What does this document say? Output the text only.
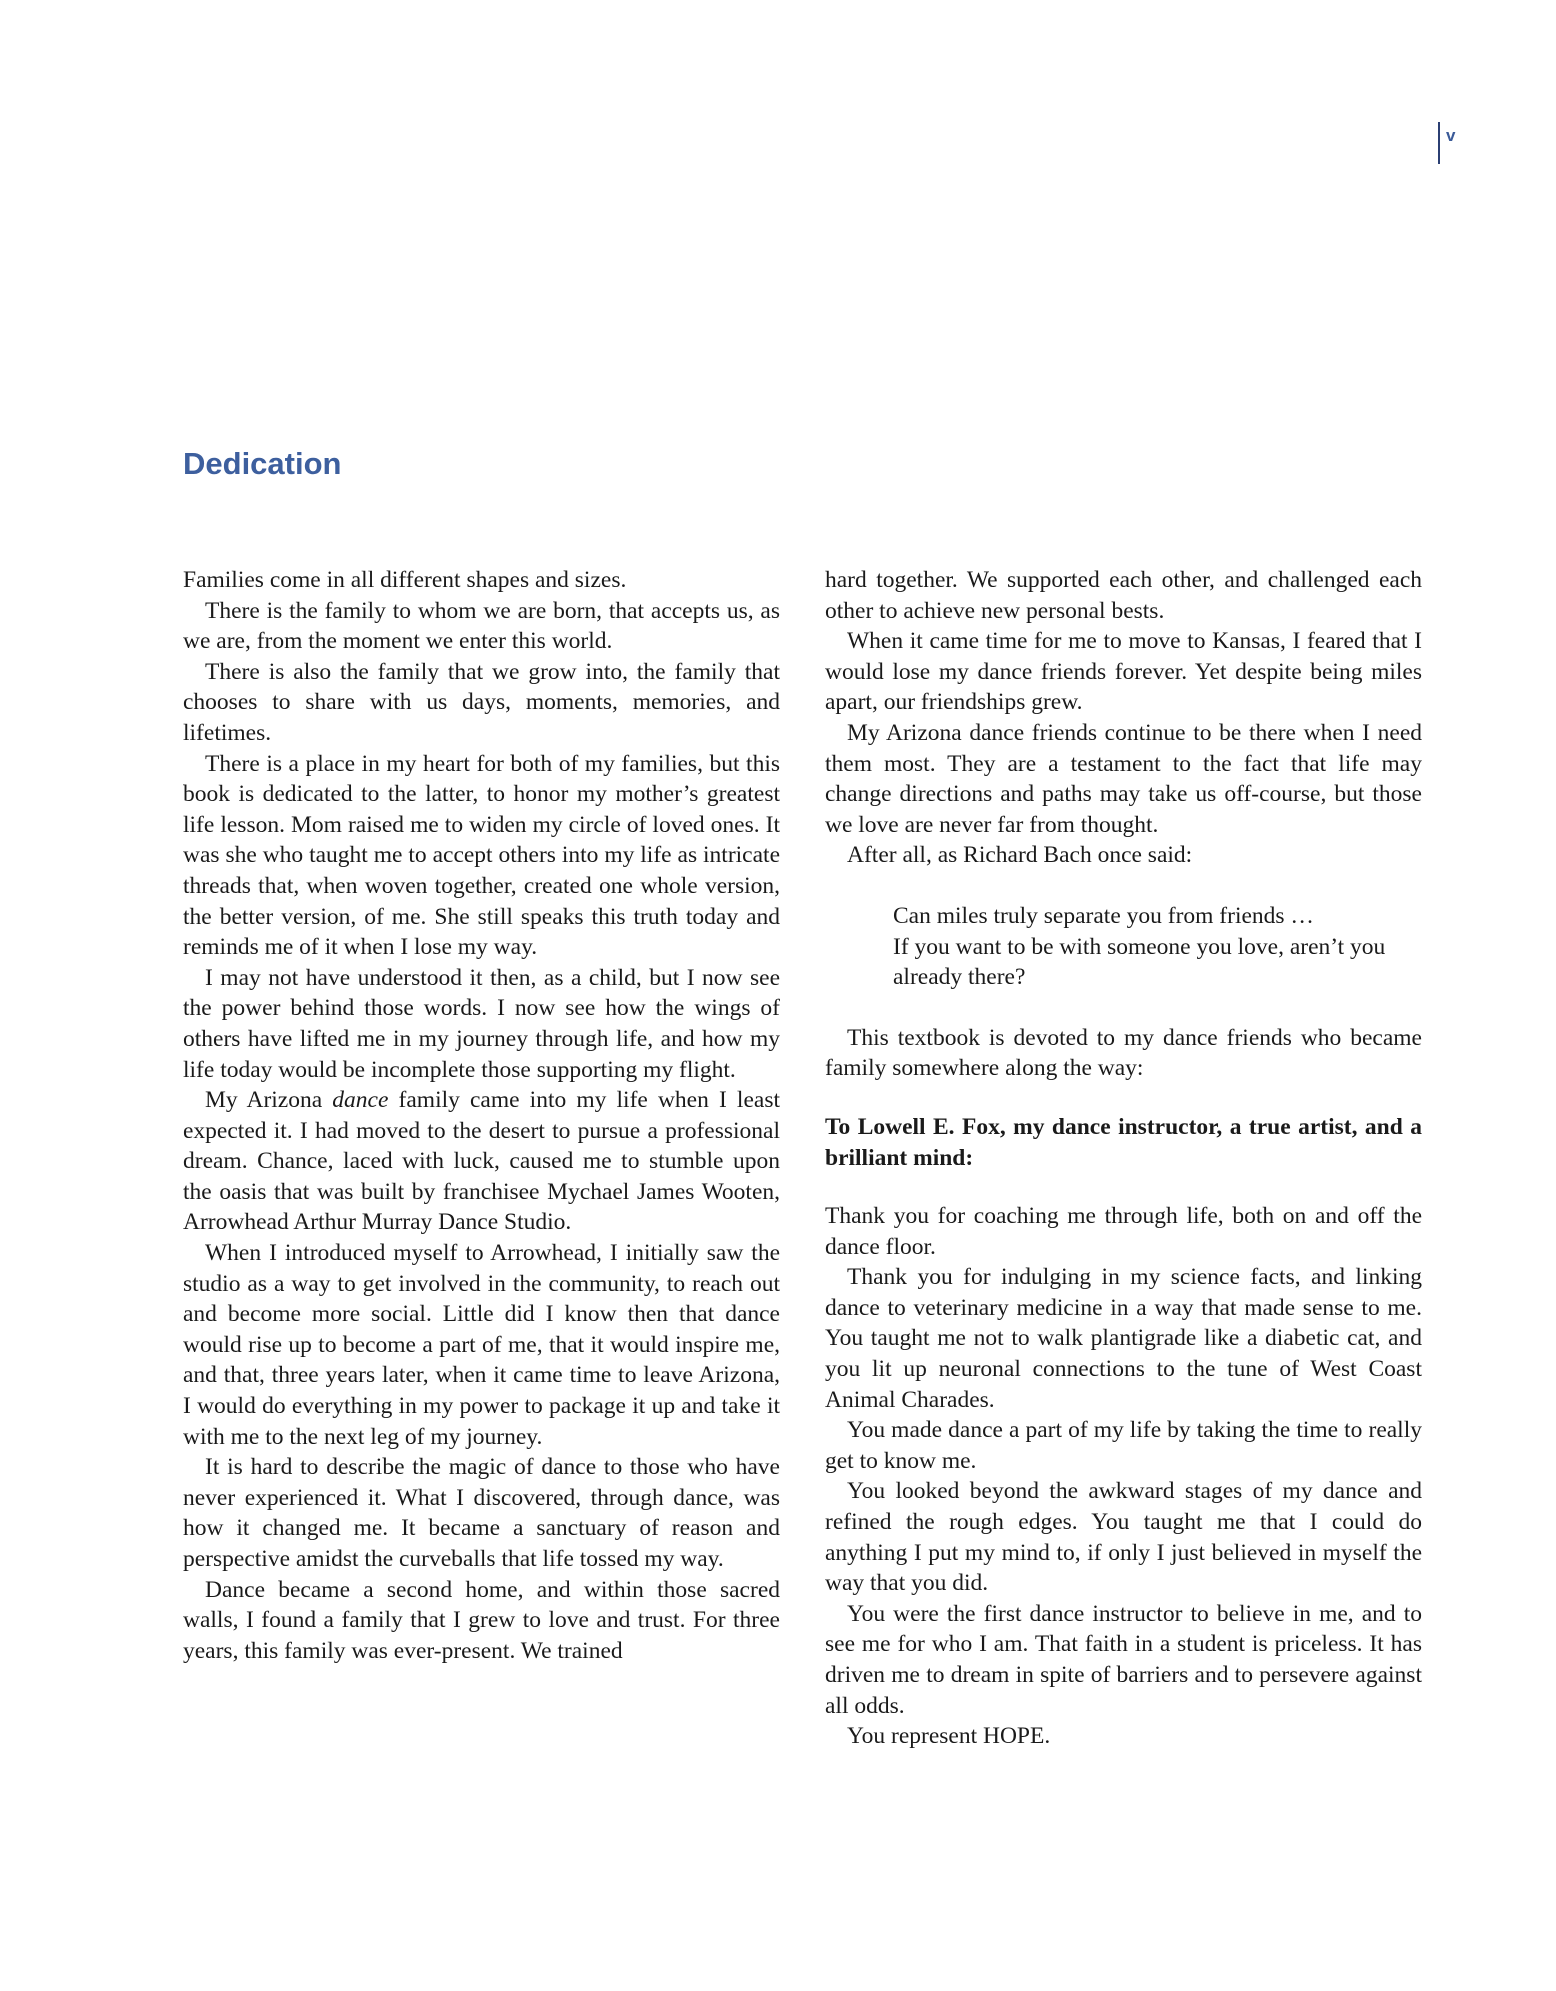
v
Dedication

Families come in all different shapes and sizes.

There is the family to whom we are born, that accepts us, as we are, from the moment we enter this world.

There is also the family that we grow into, the family that chooses to share with us days, moments, memories, and lifetimes.

There is a place in my heart for both of my families, but this book is dedicated to the latter, to honor my mother’s greatest life lesson. Mom raised me to widen my circle of loved ones. It was she who taught me to accept others into my life as intricate threads that, when woven together, created one whole version, the better version, of me. She still speaks this truth today and reminds me of it when I lose my way.

I may not have understood it then, as a child, but I now see the power behind those words. I now see how the wings of others have lifted me in my journey through life, and how my life today would be incomplete those supporting my flight.

My Arizona dance family came into my life when I least expected it. I had moved to the desert to pursue a professional dream. Chance, laced with luck, caused me to stumble upon the oasis that was built by franchisee Mychael James Wooten, Arrowhead Arthur Murray Dance Studio.

When I introduced myself to Arrowhead, I initially saw the studio as a way to get involved in the community, to reach out and become more social. Little did I know then that dance would rise up to become a part of me, that it would inspire me, and that, three years later, when it came time to leave Arizona, I would do everything in my power to package it up and take it with me to the next leg of my journey.

It is hard to describe the magic of dance to those who have never experienced it. What I discovered, through dance, was how it changed me. It became a sanctuary of reason and perspective amidst the curveballs that life tossed my way.

Dance became a second home, and within those sacred walls, I found a family that I grew to love and trust. For three years, this family was ever-present. We trained

hard together. We supported each other, and challenged each other to achieve new personal bests.

When it came time for me to move to Kansas, I feared that I would lose my dance friends forever. Yet despite being miles apart, our friendships grew.

My Arizona dance friends continue to be there when I need them most. They are a testament to the fact that life may change directions and paths may take us off-course, but those we love are never far from thought.

After all, as Richard Bach once said:

Can miles truly separate you from friends …
If you want to be with someone you love, aren’t you already there?

This textbook is devoted to my dance friends who became family somewhere along the way:

To Lowell E. Fox, my dance instructor, a true artist, and a brilliant mind:

Thank you for coaching me through life, both on and off the dance floor.

Thank you for indulging in my science facts, and linking dance to veterinary medicine in a way that made sense to me. You taught me not to walk plantigrade like a diabetic cat, and you lit up neuronal connections to the tune of West Coast Animal Charades.

You made dance a part of my life by taking the time to really get to know me.

You looked beyond the awkward stages of my dance and refined the rough edges. You taught me that I could do anything I put my mind to, if only I just believed in myself the way that you did.

You were the first dance instructor to believe in me, and to see me for who I am. That faith in a student is priceless. It has driven me to dream in spite of barriers and to persevere against all odds.

You represent HOPE.
